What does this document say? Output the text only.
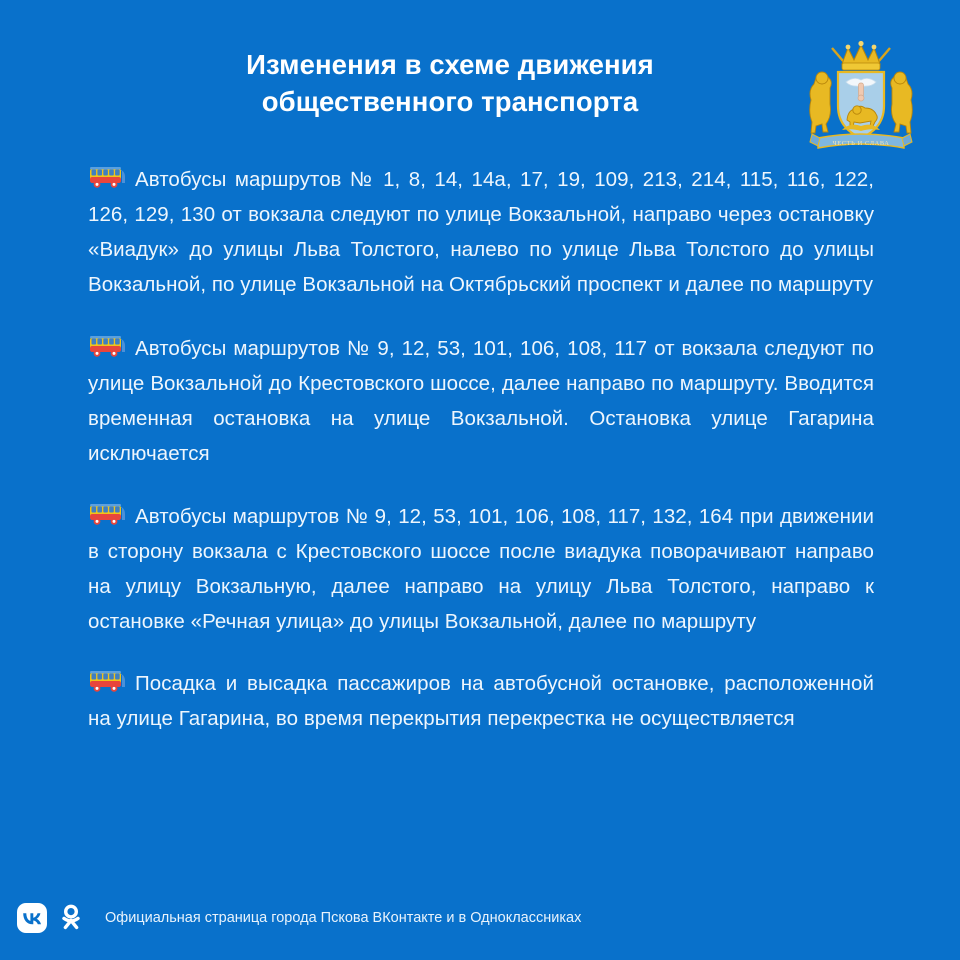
Изменения в схеме движения
общественного транспорта
ЧЕСТЬ И СЛАВА

Автобусы маршрутов № 1, 8, 14, 14а, 17, 19, 109, 213, 214, 115, 116, 122, 126, 129, 130 от вокзала следуют по улице Вокзальной, направо через остановку «Виадук» до улицы Льва Толстого, налево по улице Льва Толстого до улицы Вокзальной, по улице Вокзальной на Октябрьский проспект и далее по маршруту

Автобусы маршрутов № 9, 12, 53, 101, 106, 108, 117 от вокзала следуют по улице Вокзальной до Крестовского шоссе, далее направо по маршруту. Вводится временная остановка на улице Вокзальной. Остановка улице Гагарина исключается

Автобусы маршрутов № 9, 12, 53, 101, 106, 108, 117, 132, 164 при движении в сторону вокзала с Крестовского шоссе после виадука поворачивают направо на улицу Вокзальную, далее направо на улицу Льва Толстого, направо к остановке «Речная улица» до улицы Вокзальной, далее по маршруту

Посадка и высадка пассажиров на автобусной остановке, расположенной на улице Гагарина, во время перекрытия перекрестка не осуществляется

Официальная страница города Пскова ВКонтакте и в Одноклассниках
